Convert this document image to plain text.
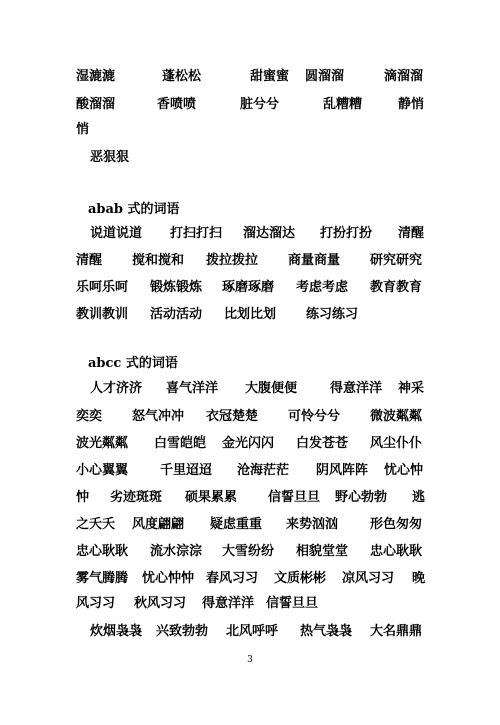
湿漉漉

	蓬松松

	甜蜜蜜

圆溜溜

	滴溜溜

酸溜溜

	香喷喷

	脏兮兮

	乱糟糟

	静悄

悄

恶狠狠

abab 式的词语

说道说道

打扫打扫

溜达溜达

打扮打扮

清醒

清醒

搅和搅和

拨拉拨拉

商量商量

研究研究

乐呵乐呵

锻炼锻炼

琢磨琢磨

考虑考虑

教育教育

教训教训

活动活动

比划比划

练习练习

abcc 式的词语

人才济济

喜气洋洋

大腹便便

	得意洋洋

神采

奕奕

怒气冲冲

衣冠楚楚

可怜兮兮

微波粼粼

波光粼粼

白雪皑皑

金光闪闪

白发苍苍

风尘仆仆

小心翼翼

千里迢迢

沧海茫茫

阴风阵阵

忧心忡

忡

劣迹斑斑

硕果累累

信誓旦旦

野心勃勃

逃

之夭夭

风度翩翩

疑虑重重

来势汹汹

形色匆匆

忠心耿耿

流水淙淙

大雪纷纷

相貌堂堂

忠心耿耿

雾气腾腾

忧心忡忡

春风习习

文质彬彬

凉风习习

晚

风习习

秋风习习

得意洋洋

信誓旦旦

炊烟袅袅

兴致勃勃

北风呼呼

热气袅袅

大名鼎鼎

3
